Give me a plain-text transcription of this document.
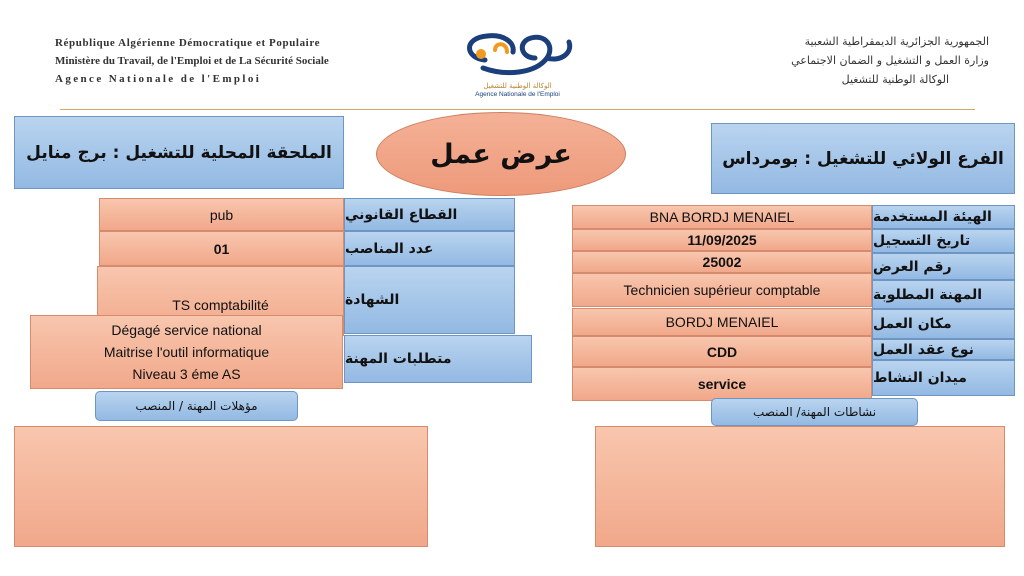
République Algérienne Démocratique et Populaire
Ministère du Travail, de l'Emploi et de La Sécurité Sociale
Agence Nationale de l'Emploi
الوكالة الوطنية للتشغيل
Agence Nationale de l'Emploi
الجمهورية الجزائرية الديمقراطية الشعبية
وزارة العمل و التشغيل و الضمان الاجتماعي
الوكالة الوطنية للتشغيل
الملحقة المحلية للتشغيل : برج منايل	عرض عمل	الفرع الولائي للتشغيل : بومرداس
pub	القطاع القانوني
01	عدد المناصب
TS comptabilité	الشهادة
متطلبات المهنة
Dégagé service national
Maitrise l'outil informatique
Niveau 3 éme AS
مؤهلات المهنة / المنصب
BNA BORDJ MENAIEL	الهيئة المستخدمة
11/09/2025	تاريخ التسجيل
25002	رقم العرض
Technicien supérieur comptable	المهنة المطلوبة
BORDJ MENAIEL	مكان العمل
CDD	نوع عقد العمل
service	ميدان النشاط
نشاطات المهنة/ المنصب
